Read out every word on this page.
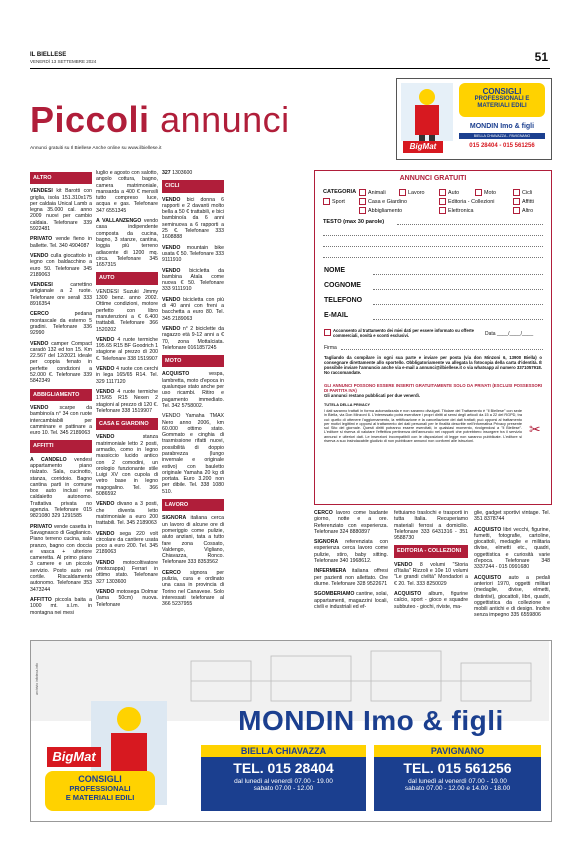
IL BIELLESE
VENERDÌ 13 SETTEMBRE 2024	51
Piccoli annunci
Annunci gratuiti su Il Biellese Anche online su www.ilbiellese.it	BigMat
CONSIGLI
PROFESSIONALI E MATERIALI EDILI
MONDIN Imo & figli
BIELLA CHIAVAZZA - PAVIGNANO
015 28404 - 015 561256
ALTRO
VENDESI kit Barotti con griglia, isola 151.310x175 per caldaia Unical Lamb a legna 35.000 cal. anno 2009 nuovi per cambio caldaia. Telefonare 339 5922481
PRIVATO vende fieno in ballette. Tel. 340 4904087
VENDO culla giocattolo in legno con baldacchino a euro 50. Telefonare 345 2189063
VENDESI carrettino artigianale a 2 ruote. Telefonare ore serali 333 8916354
CERCO pedana montascale da esterno 5 gradini. Telefonare 336 92990
VENDO camper Compact caradò 132 ed ton 15. Km 22.567 del 12/2021 ideale per coppia fenato in perfette condizioni a 52.000 €. Telefonare 339 5842349
ABBIGLIAMENTO
VENDO scarpe da bambino/a n° 34 con ruote intercambiabili per camminare e pattinare a euro 10. Tel. 345 2189063
AFFITTI
A CANDELO vendesi appartamento piano rialzato. Sala, cucinotto, stanza, corridoio. Bagno cantina parti in comune box auto inclusi nel caldaietto autonomo. Trattativa privata no agenzia. Telefonare 015 9821080 329 1291585
PRIVATO vende casetta in Savagnasco di Gaglianico. Piano terreno cucina, sala pranzo, bagno con doccia e vasca + ulteriore cameretta. Al primo piano 3 camere e un piccolo servizio. Posto auto nel cortile. Riscaldamento autonomo. Telefonare 353 3473244
AFFITTO piccola baita a 1000 mt. s.l.m. in montagna nei mesi
luglio e agosto con salotto, angolo cottura, bagno, camera matrimoniale, mansarda a 400 € mensili tutto compreso luce, acqua e gas. Telefonare 347 6551345
A VALLANZENGO vendo casa indipendente composta da cucina, bagno, 3 stanze, cantina, loggia più terreno adiacente di 1200 mq. circa. Telefonare 345 1657315
AUTO
VENDESI Suzuki Jimmy 1300 benz. anno 2002. Ottime condizioni, motore perfetto con libro manutenzioni a € 6.400 trattabili. Telefonare 366 1520202
VENDO 4 ruote termiche 195.65 R15 BF Goodrich 1 stagione al prezzo di 200 €. Telefonare 338 1519907
VENDO 4 ruote con cerchi in lega 165/65 R14. Tel. 329 1117120
VENDO 4 ruote termiche 175/65 R15 Nexen 2 stagioni al prezzo di 120 €. Telefonare 338 1519907
CASA E GIARDINO
VENDO stanza matrimoniale letto 2 posti, armadio, como in legno massiccio lucido antico con 2 comodini, un orologio funzionante stile Luigi XV con cupola di vetro base in legno magogalino. Tel. 366 5086592
VENDO divano a 3 posti, che diventa letto matrimoniale a euro 200 trattabili. Tel. 345 2189063
VENDO sega 220 volt circolare da cantiere usata poco a euro 200. Tel. 345 2189063
VENDO motocoltivatore (motozappa) Ferrari in ottimo stato. Telefonare 327 1303600
VENDO motosega Dolmar (lama 50cm) nuova. Telefonare
327 1303600
CICLI
VENDO bici donna 6 rapporti e 2 davanti molto bella a 50 € trattabili, e bici bambino/a da 6 anni seminuova a 6 rapporti a 25 €. Telefonare 333 1608888
VENDO mountain bike usata € 50. Telefonare 333 9111910
VENDO bicicletta da bambina Atala come nuova € 50. Telefonare 333 9111910
VENDO bicicletta con più di 40 anni con freni a bacchetta a euro 80. Tel. 345 2189063
VENDO n° 2 biciclette da ragazzo età 9-12 anni a € 70, zona Mottalciata. Telefonare 0161857245
MOTO
ACQUISTO vespa, lambretta, moto d'epoca in qualunque stato anche per uso ricambi. Ritiro e pagamento immediato. Tel. 342 5758002.
VENDO Yamaha TMAX Nero anno 2006, km 60.000 ottimo stato. Gommato e cinghia di trasmissione rifatti nuovi, possibilità di doppio parabrezza (lungo invernale e originale estivo) con bauletto originale Yamaha 20 kg di portata. Euro 3.200 non per dibile. Tel. 338 1080 510.
LAVORO
SIGNORA italiana cerca un lavoro di alcune ore di pomeriggio come pulizie, aiuto anziani, tata a tutto fare zona Cossato, Valdengo, Vigliano, Chiavazza, Ronco. Telefonare 333 8353562
CERCO signora per pulizia, cura e ordinato una casa in provincia di Torino nel Canavese. Solo interessati telefonare al 366 5237955
ANNUNCI GRATUITI
CATEGORIA	Animali	Lavoro	Auto	Moto	Cicli
Sport	Casa e Giardino	Editoria - Collezioni	Affitti
Abbigliamento	Elettronica	Altro
TESTO (max 30 parole)
NOME
COGNOME
TELEFONO
E-MAIL
Acconsento al trattamento dei miei dati per essere informato su offerte commerciali, novità e sconti esclusivi.	Data ____/____/____
Firma
Tagliando da compilare in ogni sua parte e inviare per posta (via don Minzoni 6, 13900 Biella) o consegnare direttamente allo sportello. Obbligatoriamente va allegata la fotocopia della carta d'identità. È possibile inviare l'annuncio anche via e-mail a annunci@ilbiellese.it o via whatsapp al numero 3371057918. No raccomandate.
GLI ANNUNCI POSSONO ESSERE INSERITI GRATUITAMENTE SOLO DA PRIVATI (ESCLUSI POSSESSORI DI PARTITA IVA)
Gli annunci restano pubblicati per due venerdì.
TUTELA DELLA PRIVACY
I dati saranno trattati in forma automatizzata e non saranno divulgati. Titolare del Trattamento è "Il Biellese" con sede in Biella, via Don Minzoni 6. L'interessato potrà esercitare i propri diritti ai sensi degli articoli da 15 a 22 del RGPD, tra cui: quello di ottenere l'aggiornamento, la rettificazione e la cancellazione dei dati trattati; può opporsi al trattamento per motivi legittimi e opporsi al trattamento dei dati personali per le finalità descritte nell'informativa Privacy presente sul Sito del giornale. Questi diritti potranno essere esercitati, in qualsiasi momento, rivolgendosi a "Il Biellese". L'editore si riserva di valutare l'effettiva pertinenza dell'annuncio nei rapporti che potrebbero insorgere tra il servizio annunci e ulteriori dati. Le inserzioni incompatibili con le disposizioni di legge non saranno pubblicate. L'editore si riserva a suo insindacabile giudizio di non pubblicare annunci non conformi alle istruzioni.
✂
CERCO lavoro come badante giorno, notte e a ore. Referenziato con esperienza. Telefonare 324 8880897
SIGNORA referenziata con esperienza cerca lavoro come pulizie, stiro, baby sitting. Telefonare 340 1968612.
INFERMIERA italiana offresi per pazienti non allettato. Ore diurne. Telefonare 328 9522671
SGOMBERIAMO cantine, solai, appartamenti, magazzini locali, civili e industriali ed ef-
fettuiamo traslochi e trasporti in tutta Italia. Recuperiamo materiali ferrosi a domicilio. Telefonare 333 6431316 - 351 9588730
EDITORIA - COLLEZIONI
VENDO 8 volumi "Storia d'Italia" Rizzoli e 10e 10 volumi "Le grandi civiltà" Mondadori a € 20. Tel. 333 8250029
ACQUISTO album, figurine calcio, sport - gioco e squadre subbuteo - giochi, riviste, ma-
glie, gadget sportivi vintage. Tel. 351 8378744
ACQUISTO libri vecchi, figurine, fumetti, fotografie, cartoline, giocattoli, medaglie e militaria divise, elmetti etc., quadri, oggettistica e curiosità varie d'epoca. Telefonare 348 3337244 - 015 0991680
ACQUISTO auto a pedali anteriori 1970, oggetti militari (medaglie, divise, elmetti, distintivi), giocattoli, libri, quadri, oggettistica da collezione e mobili antichi e di design. Inoltre senza impegno 335 6559806
archivio infoteca.info
BigMat
CONSIGLI
PROFESSIONALI
E MATERIALI EDILI
MONDIN Imo & figli
BIELLA CHIAVAZZA
TEL. 015 28404
dal lunedì al venerdì 07.00 - 19.00
sabato 07.00 - 12.00
PAVIGNANO
TEL. 015 561256
dal lunedì al venerdì 07.00 - 19.00
sabato 07.00 - 12.00 e 14.00 - 18.00
